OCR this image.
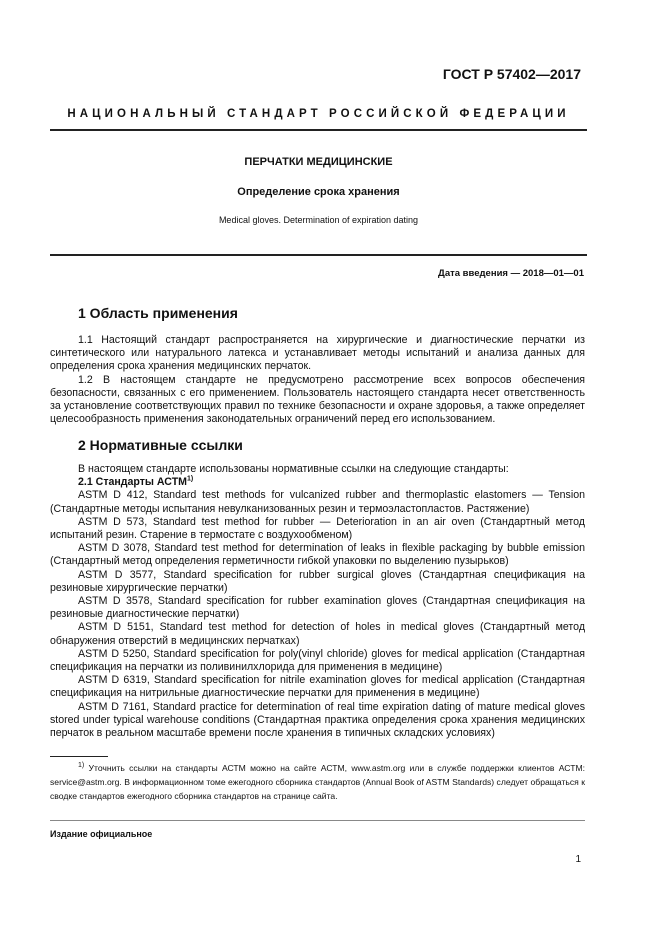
ГОСТ Р 57402—2017
НАЦИОНАЛЬНЫЙ СТАНДАРТ РОССИЙСКОЙ ФЕДЕРАЦИИ
ПЕРЧАТКИ МЕДИЦИНСКИЕ
Определение срока хранения
Medical gloves. Determination of expiration dating
Дата введения — 2018—01—01
1 Область применения

1.1 Настоящий стандарт распространяется на хирургические и диагностические перчатки из синтетического или натурального латекса и устанавливает методы испытаний и анализа данных для определения срока хранения медицинских перчаток.

1.2 В настоящем стандарте не предусмотрено рассмотрение всех вопросов обеспечения безопасности, связанных с его применением. Пользователь настоящего стандарта несет ответственность за установление соответствующих правил по технике безопасности и охране здоровья, а также определяет целесообразность применения законодательных ограничений перед его использованием.

2 Нормативные ссылки

В настоящем стандарте использованы нормативные ссылки на следующие стандарты:

2.1 Стандарты АСТМ$^{1)}$

ASTM D 412, Standard test methods for vulcanized rubber and thermoplastic elastomers — Tension (Стандартные методы испытания невулканизованных резин и термоэластопластов. Растяжение)

ASTM D 573, Standard test method for rubber — Deterioration in an air oven (Стандартный метод испытаний резин. Старение в термостате с воздухообменом)

ASTM D 3078, Standard test method for determination of leaks in flexible packaging by bubble emission (Стандартный метод определения герметичности гибкой упаковки по выделению пузырьков)

ASTM D 3577, Standard specification for rubber surgical gloves (Стандартная спецификация на резиновые хирургические перчатки)

ASTM D 3578, Standard specification for rubber examination gloves (Стандартная спецификация на резиновые диагностические перчатки)

ASTM D 5151, Standard test method for detection of holes in medical gloves (Стандартный метод обнаружения отверстий в медицинских перчатках)

ASTM D 5250, Standard specification for poly(vinyl chloride) gloves for medical application (Стандартная спецификация на перчатки из поливинилхлорида для применения в медицине)

ASTM D 6319, Standard specification for nitrile examination gloves for medical application (Стандартная спецификация на нитрильные диагностические перчатки для применения в медицине)

ASTM D 7161, Standard practice for determination of real time expiration dating of mature medical gloves stored under typical warehouse conditions (Стандартная практика определения срока хранения медицинских перчаток в реальном масштабе времени после хранения в типичных складских условиях)

$^{1)}$ Уточнить ссылки на стандарты АСТМ можно на сайте АСТМ, www.astm.org или в службе поддержки клиентов АСТМ: service@astm.org. В информационном томе ежегодного сборника стандартов (Annual Book of ASTM Standards) следует обращаться к сводке стандартов ежегодного сборника стандартов на странице сайта.
Издание официальное
1
